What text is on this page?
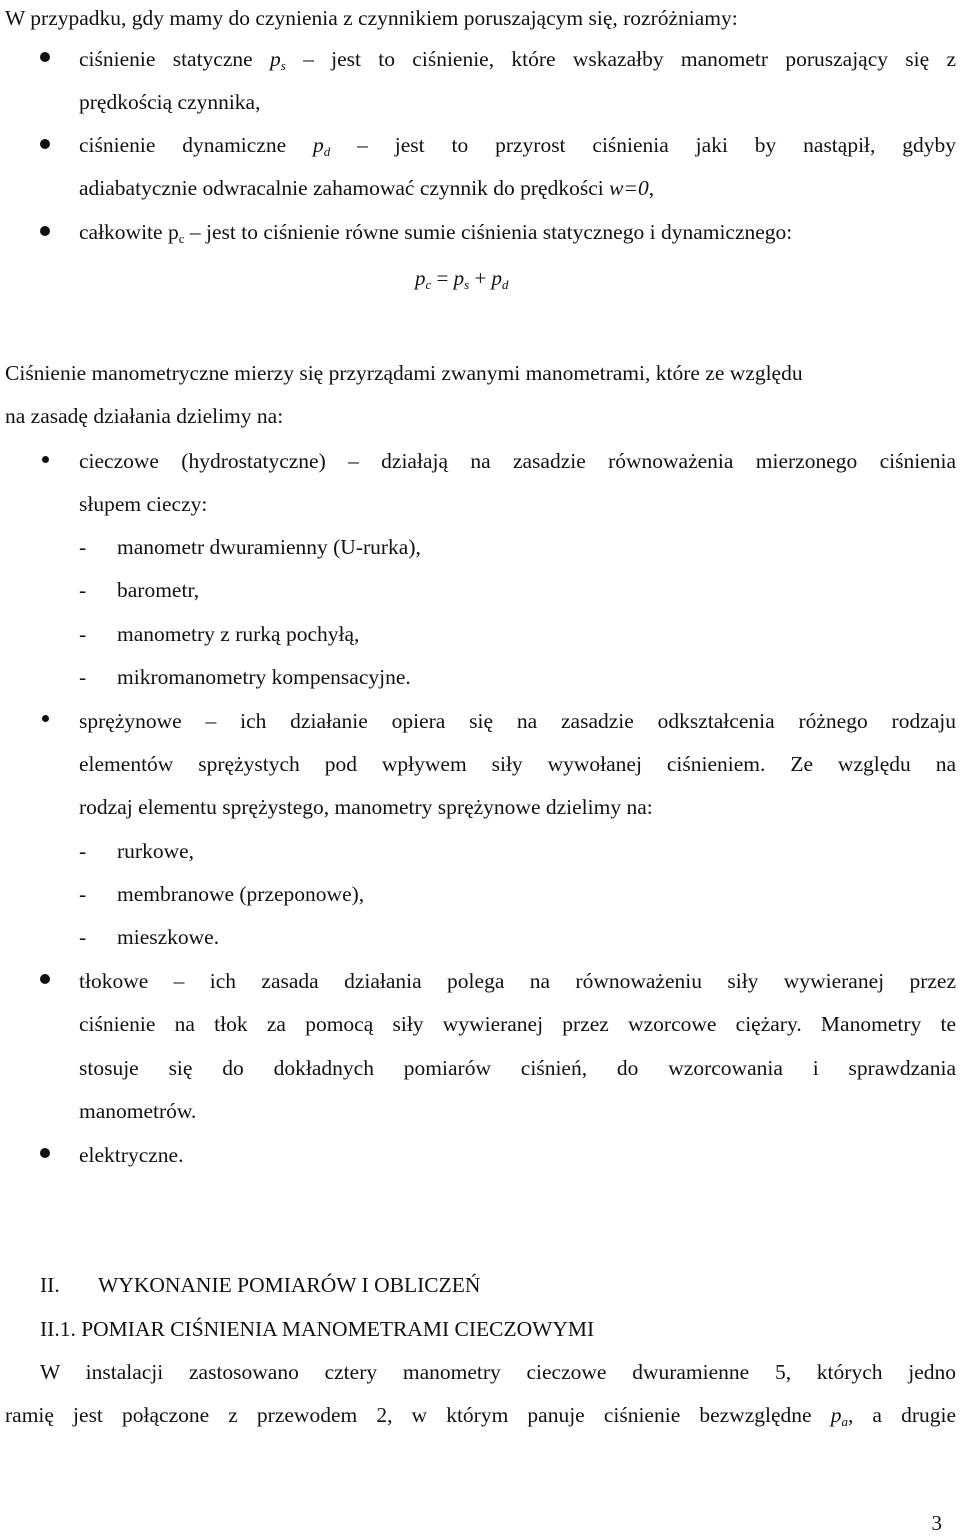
W przypadku, gdy mamy do czynienia z czynnikiem poruszającym się, rozróżniamy:
ciśnienie statyczne $p_s$ – jest to ciśnienie, które wskazałby manometr poruszający się z
prędkością czynnika,
ciśnienie dynamiczne $p_d$ – jest to przyrost ciśnienia jaki by nastąpił, gdyby
adiabatycznie odwracalnie zahamować czynnik do prędkości w=0,
całkowite $p_c$ – jest to ciśnienie równe sumie ciśnienia statycznego i dynamicznego:
$p_c = p_s + p_d$
Ciśnienie manometryczne mierzy się przyrządami zwanymi manometrami, które ze względu
na zasadę działania dzielimy na:
cieczowe (hydrostatyczne) – działają na zasadzie równoważenia mierzonego ciśnienia
słupem cieczy:
-	manometr dwuramienny (U-rurka),
-	barometr,
-	manometry z rurką pochyłą,
-	mikromanometry kompensacyjne.
sprężynowe – ich działanie opiera się na zasadzie odkształcenia różnego rodzaju
elementów sprężystych pod wpływem siły wywołanej ciśnieniem. Ze względu na
rodzaj elementu sprężystego, manometry sprężynowe dzielimy na:
-	rurkowe,
-	membranowe (przeponowe),
-	mieszkowe.
tłokowe – ich zasada działania polega na równoważeniu siły wywieranej przez
ciśnienie na tłok za pomocą siły wywieranej przez wzorcowe ciężary. Manometry te
stosuje się do dokładnych pomiarów ciśnień, do wzorcowania i sprawdzania
manometrów.
elektryczne.
II. WYKONANIE POMIARÓW I OBLICZEŃ
II.1. POMIAR CIŚNIENIA MANOMETRAMI CIECZOWYMI
W instalacji zastosowano cztery manometry cieczowe dwuramienne 5, których jedno
ramię jest połączone z przewodem 2, w którym panuje ciśnienie bezwzględne $p_a$, a drugie
3
